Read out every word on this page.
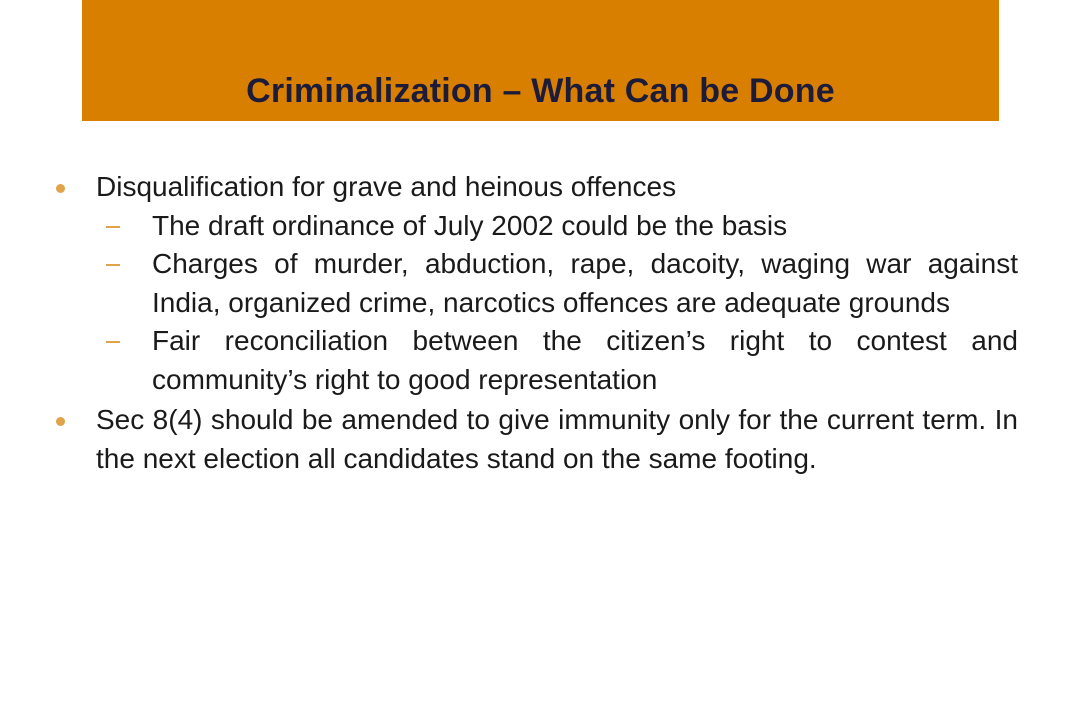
Criminalization – What Can be Done
Disqualification for grave and heinous offences
The draft ordinance of July 2002 could be the basis
Charges of murder, abduction, rape, dacoity, waging war against India, organized crime, narcotics offences are adequate grounds
Fair reconciliation between the citizen’s right to contest and community’s right to good representation
Sec 8(4) should be amended to give immunity only for the current term. In the next election all candidates stand on the same footing.
